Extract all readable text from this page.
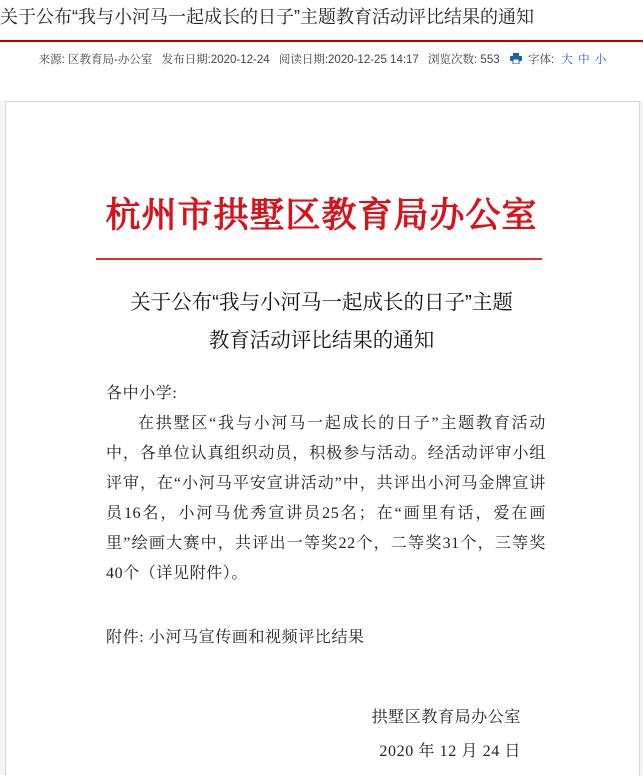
关于公布“我与小河马一起成长的日子”主题教育活动评比结果的通知
来源: 区教育局-办公室 发布日期:2020-12-24 阅读日期:2020-12-25 14:17 浏览次数: 553 字体: 大 中 小
杭州市拱墅区教育局办公室
关于公布“我与小河马一起成长的日子”主题
教育活动评比结果的通知

各中小学:

在拱墅区“我与小河马一起成长的日子”主题教育活动中，各单位认真组织动员，积极参与活动。经活动评审小组评审，在“小河马平安宣讲活动”中，共评出小河马金牌宣讲员16名，小河马优秀宣讲员25名；在“画里有话，爱在画里”绘画大赛中，共评出一等奖22个，二等奖31个，三等奖40个（详见附件）。

附件: 小河马宣传画和视频评比结果

拱墅区教育局办公室
2020 年 12 月 24 日
